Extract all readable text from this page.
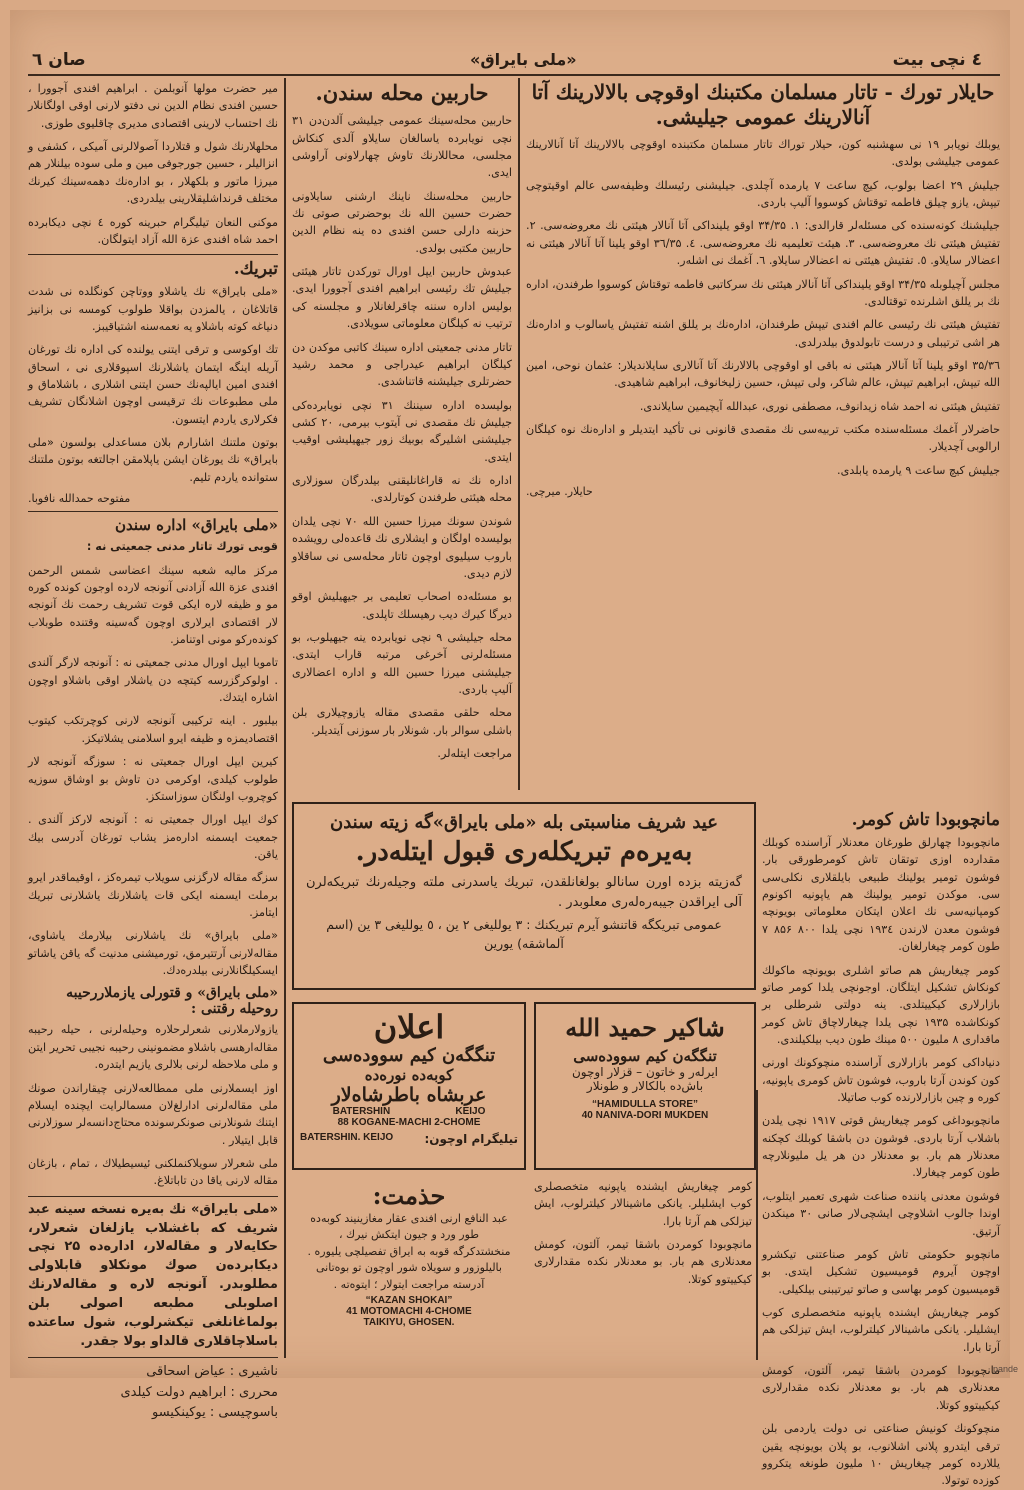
٤ نچی بیت
«ملی بایراق»
صان ٦
حایلار تورك - تاتار مسلمان مكتبنك اوقوچی بالالارینك آتا آنالارینك عمومی جیلیشی.

یوبلك نویابر ۱۹ نی سهشنبه كون، حیلار توراك تاتار مسلمان مكتبنده اوقوچی بالالارینك آتا آنالارینك عمومی جیلیشی بولدی.

جیلیش ۲۹ اعضا بولوب، كیچ ساعت ۷ یارمده آچلدی. جیلیشنی رئیسلك وظیفه‌سی عالم اوقیتوچی تیپش، یازو چیلق فاطمه توقتاش كوسووا آلیپ باردی.

جیلیشنك كونه‌سنده كی مسئله‌لر قارالدی: ۱. ۳۴/۳۵ اوقو یلینداكی آتا آنالار هیئتی نك معروضه‌سی. ۲. تفتیش هیئتی نك معروضه‌سی. ۳. هیئت تعلیمیه نك معروضه‌سی. ٤. ۳٦/۳۵ اوقو یلینا آتا آنالار هیئتی نه اعضالار سایلاو. ٥. تفتیش هیئتی نه اعضالار سایلاو. ٦. آغمك نی اشله‌ر.

مجلس آچیلوبله ۳۴/۳۵ اوقو یلینداكی آتا آنالار هیئتی نك سركاتبی فاطمه توقتاش كوسووا طرفندن، اداره‌ نك بر یللق اشلرنده توقتالدی.

تفتیش هیئتی نك رئیسی عالم افندی تیپش طرفندان، اداره‌نك بر یللق اشنه تفتیش یاسالوب و اداره‌نك هر اشی ترتیبلی و درست تابولدوق بیلدرلدی.

۳۵/۳٦ اوقو یلینا آتا آنالار هیئتی نه باقی او اوقوچی بالالارنك آتا آنالاری سایلاندیلار: عثمان نوحی، امین الله تیپش، ابراهیم تیپش، عالم شاكر، ولی تیپش، حسین زلیخانوف، ابراهیم شاهیدی.

تفتیش هیئتی نه احمد شاه زیدانوف، مصطفی نوری، عبدالله آیچیمین سایلاندی.

حاضرلار آغمك مسئله‌سنده مكتب تربیه‌سی نك مقصدی قانونی‌ نی تأكید ایتدیلر و اداره‌نك نوه كیلگان ارالوبی آچدیلار.

جیلیش كیچ ساعت ۹ یارمده یابلدی.

حایلار. میرچی.

مانچوبودا تاش كومر.

مانچوبودا چهارلق طورغان معدنلار آراسنده كوبلك مقدارده اوزی توتقان تاش كومرطورقی بار. فوشون تومیر یولینك طبیعی بایلقلاری نكلی‌سی سی. موكدن تومیر یولینك هم یاپونیه اكونوم كومپانیه‌سی نك اعلان ایتكان معلوماتی بویونچه فوشون معدن لارندن ۱۹۳٤ نچی یلدا ۸۰۰ ۸۵۶ ۷ طون كومر چیغارلغان.

كومر چیغاریش هم صاتو اشلری بویونچه ماكولك كونكاش تشكیل ایتلگان. اوجونچی یلدا كومر صاتو بازارلاری كیكییتلدی. ینه دولتی شرطلی بر كونكاشده ۱۹۳۵ نچی یلدا چیغارلاچاق تاش كومر ماقداری ۸ ملیون ۵۰۰ مینك طون دیب بیلكیلندی.

دنیاداكی كومر بازارلاری آراسنده منچوكونك اورنی كون كوندن آرتا باروب، فوشون تاش كومری یاپونیه، كوره و چین بازارلارنده كوب صاتیلا.

مانچوبوداغی كومر چیغاریش قوتی ۱۹۱۷ نچی یلدن باشلاب آرتا باردی. فوشون دن باشقا كوبلك كچكنه معدنلار هم بار. بو معدنلار دن هر یل ملیونلارچه طون كومر چیغارلا.

فوشون معدنی یاننده صناعت شهری تعمیر ایتلوب، اوندا جالوب اشلاوچی ایشچی‌لار صانی ۳۰ مینكدن آرتیق.

مانچوبو حكومتی تاش كومر صناعتنی تیكشرو اوچون آیروم قومیسیون تشكیل ایتدی. بو قومیسیون كومر بهاسی و صاتو تیرتیبنی بیلكیلی.

كومر چیغاریش ایشنده یاپونیه متخصصلری كوب ایشلیلر. یانكی ماشینالار كیلترلوب، ایش تیزلكی هم آرتا بارا.

مانچوبودا كومردن باشقا تیمر، آلتون، كومش معدنلاری هم بار. بو معدنلار نكده مقدارلاری كیكییتوو كوتلا.

منچوكونك كونیش صناعتی نی دولت یاردمی بلن ترقی ایتدرو پلانی اشلانوب، بو پلان بویونچه یقین یللارده كومر چیغاریش ۱۰ ملیون طونغه یتكروو كوزده توتولا.

حاربین محله سندن.

حاربین محله‌سینك عمومی جیلیشی آلدن‌دن ۳۱ نچی نویابرده یاسالغان سایلاو آلدی كنكاش مجلسی، محاللارنك تاوش چهارلاونی آراوشی ایدی.

حاربین محله‌سنك ناینك ارشنی سایلاونی حضرت حسین الله نك بوحضرتی صوتی نك حزبنه دارلی حسن افندی ده ینه نظام الدین حاربین مكتبی بولدی.

عبدوش حاربین ایپل اورال توركدن تاتار هیئتی جیلیش تك رئیسی ابراهیم افندی آجوورا ایدی. بولیس اداره سننه چاقرلغانلار و مجلسنه كی ترتیب نه كیلگان معلوماتی سویلادی.

تاتار مدنی جمعیتی اداره سینك كاتبی موكدن دن كیلگان ابراهیم عیدراجی و محمد رشید حضرتلری جیلیشنه قاتناشدی.

بولیسده اداره سیننك ۳۱ نچی نویابرده‌كی جیلیش نك مقصدی‌ نی آیتوب بیرمی، ۲۰ كشی جیلیشنی اشلیرگه بوبیك زور جیهیلیشی اوقیب ایتدی.

اداره نك نه قاراغانلیقنی بیلدرگان سوزلاری محله هیئتی طرفندن كوتارلدی.

شوندن سونك میرزا حسین الله ۷۰ نچی یلدان بولیسده اولگان و ایشلاری نك قاعده‌لی رویشده باروب سیلیوی اوچون تاتار محله‌سی نی ساقلاو لازم دیدی.

بو مسئله‌ده اصحاب تعلیمی بر جیهیلیش اوقو دیرگا كیرك دیب رهیسلك تاپلدی.

محله جیلیشی ۹ نچی نویابرده ینه جیهیلوب، بو مسئله‌لرنی آخرغی مرتبه قاراب ایتدی. جیلیشنی میرزا حسین الله و اداره اعضالاری آلیپ باردی.

محله حلقی مقصدی مقاله یازوچیلاری بلن باشلی سوالر بار. شونلار بار سوزنی آیتدیلر.

مراجعت ایتله‌لر.

میر حضرت مولها آنوبلمن . ابراهیم افندی آجوورا ، حسین افندی نظام الدین نی دفتو لارنی اوقی اولگانلار نك احتساب لارینی اقتصادی مدیری چاقلیوی طوزی.

محلهلارنك شول و قتلاردا آصولالرنی آمیكی ، كشفی و انزالیلر ، حسین جورجوفی مین و ملی سوده بیلنلار هم میرزا ماتور و بلكهلار ، بو اداره‌نك دهمه‌سینك كیرنك مختلف قرنداشلیقلارینی بیلدردی.

موكنی النعان تیلیگرام حبرینه كوره ٤ نچی دیكابرده احمد شاه افندی عزة الله آزاد ایتولگان.

تبریك.

«ملی بایراق» نك یاشلاو ووتاچن كونگلده نی شدت قاتلاغان ، یالمزدن بواقلا طولوب كومسه نی بزانیز دنیاغه كوته باشلاو یه نعمه‌سنه اشتیاقیبز.

تك اوكوسی و ترقی ایتنی یولنده كی اداره نك تورغان آریله اینگه ایتمان یاشلارنك اسپوقلاری نی ، اسحاق افندی امین ایالپه‌نك حسن ایتنی اشلاری ، باشلاماق و ملی مطبوعات نك ترقیسی اوچون اشلانگان تشریف فكرلاری یاردم ایتسون.

بوتون ملتنك اشارارم بلان مساعدلی بولسون «ملی بایراق» نك یورغان ایشن یاپلامقن اجالتغه بوتون ملتنك ستوانده یاردم تلیم.

مفتوحه حمدالله نافوبا.

«ملی بایراق» اداره سندن

قوبی تورك تاتار مدنی جمعیتی نه :

مركز مالیه شعبه سینك اعضاسی شمس الرحمن افندی عزة الله آزادنی آنونجه لارده اوجون كونده كوره مو و ظیفه لاره ایكی قوت تشریف رحمت نك آنونجه لار اقتصادی ایرلاری اوچون گه‌سینه وقتنده طوبلاب كونده‌ركو مونی اوتنامز.

تاموبا ایپل اورال مدنی جمعیتی نه : آنونجه لارگر آلندی . اولوكرگزرسه كیتچه دن یاشلار اوقی باشلاو اوچون اشاره ایتدك.

بیلبور . اینه تركیبی آنونجه لارنی كوچرتكب كیتوب اقتصادیمزه و ظیفه ایرو اسلامنی یشلاتیكز.

كیرین ایپل اورال جمعیتی نه : سوزگه آنونجه لار طولوب كیلدی، اوكرمی دن تاوش بو اوشاق سوزیه كوچروب اولنگان سوزاستكز.

كوك ایپل اورال جمعیتی نه : آنونجه لاركز آلندی . جمعیت ایسمنه اداره‌مز یشاب تورغان آدرسی بیك یاقن.

سزگه مقاله لارگزنی سویلاب تیمره‌كز ، اوقیماقدر ایرو برملت ایسمنه ایكی قات یاشلارنك یاشلارنی تبریك ایتامز.

«ملی بایراق» نك یاشلارنی بیلارمك یاشاوی، مقاله‌لارنی آرتتیرمق، تورمیشنی مدنیت‌ گه یاقن یاشاتو ایسكیلگانلارنی بیلدره‌دك.

«ملی بایراق» و قتورلی یازملاررحیبه روحیله رقتنی :

یازولارملارنی شعرلرحلاره وحیله‌لرنی ، حیله رحیبه مقاله‌ارهسی باشلاو مضمونینی رحیبه نجیبی تحریر ایتن و ملی ملاحظه لرنی بلالری یازیم ایتدره.

اوز ایسملارنی ملی ممطالعه‌لارنی چیقاراندن صونك ملی مقاله‌لرنی ادارلغ‌لان مسمالرایت ایچنده ایسلام ایتنك شونلارنی صونكرسونده محتاج‌دانسه‌لر سوزلارنی قابل ایتیلار .

ملی شعرلار سویلاكنملكنی ئیسیطیلاك ، تمام ، بازغان مقاله لارنی یاقا دن تاباتلاغ.

«ملی بایراق» نك به‌یره نسخه سینه عبد شریف كه باغشلاب یازلغان شعرلار، حكایه‌لار و مقاله‌لار، اداره‌ده ۲۵ نچی دیكابرده‌ن صوك مونكلاو قابلاولی مطلوبدر. آنونجه لاره و مقاله‌لارنك اصلوبلی مطبعه اصولی بلن بولماغانلغی تیكشرلوب، شول ساعتده باسلاچاقلاری قالداو بولا جقدر.

ناشیری : عیاض اسحاقی

محرری : ابراهیم دولت كیلدی

باسوچیسی : یوكینكیسو

عید شریف مناسبتی بله «ملی بایراق»گه زیته سندن
به‌یره‌م تبریكله‌ری قبول ایتله‌در.
گه‌زیته بزده اورن سانالو بولغانلقدن، تبریك یاسدرنی ملته وجیله‌رنك تبریكه‌لرن آلی ایراقدن جیبه‌ره‌له‌ری معلوبدر .
عمومی تبریكگه قاتنشو آیرم تبریكنك : ۳ یوللیغی ۲ ین ، ٥ یوللیغی ۳ ین (اسم آلماشقه) یورین
اعلان
تنگگه‌ن كیم سووده‌سی
كوبه‌ده نوره‌ده
عربشاه باطرشاه‌لار
BATERSHIN	KEIJO
88 KOGANE-MACHI 2-CHOME
تیلیگرام اوچون:
BATERSHIN. KEIJO
شاكیر حمید الله
تنگگه‌ن كیم سووده‌سی
ایرله‌ر و خاتون – قزلار اوچون
باش‌ده بالكالار و طونلار
“HAMIDULLA STORE”
40 NANIVA-DORI MUKDEN

كومر چیغاریش ایشنده یاپونیه متخصصلری كوب ایشلیلر. یانكی ماشینالار كیلترلوب، ایش تیزلكی هم آرتا بارا.

مانچوبودا كومردن باشقا تیمر، آلتون، كومش معدنلاری هم بار. بو معدنلار نكده مقدارلاری كیكییتوو كوتلا.

حذمت:
عبد النافع ارنی افندی عقار مغازینیند كوبه‌ده
طور ورد و جیون ایتكش نیرك ،
منخشتدكرگه قوبه به ایراق تفصیلچی یلیوره .
بالیلوزور و سویلاه شور اوچون تو بوه‌تانی
آدرسته مراجعت ایتولار ؛ ایتوه‌ته .
“KAZAN SHOKAI”
41 MOTOMACHI 4-CHOME
TAIKIYU, GHOSEN.
pande
